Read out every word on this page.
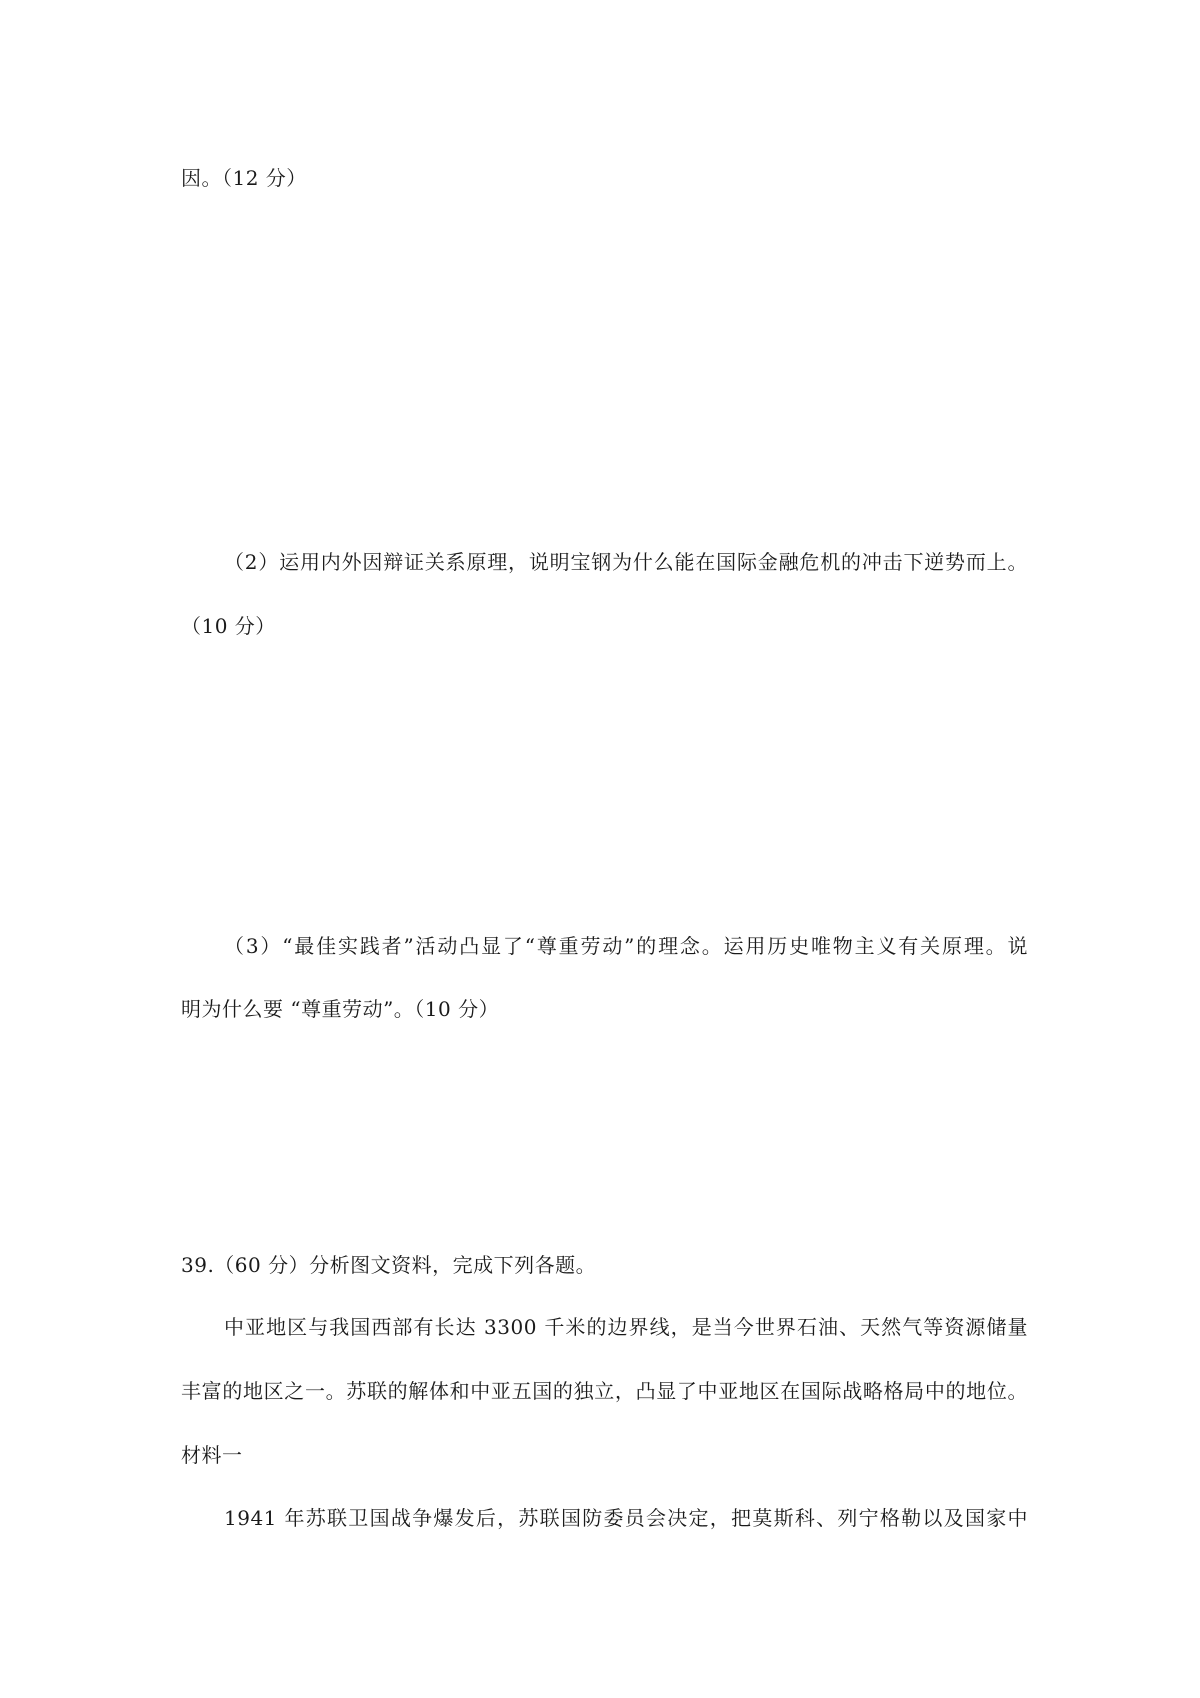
因。（12 分）
（2）运用内外因辩证关系原理，说明宝钢为什么能在国际金融危机的冲击下逆势而上。
（10 分）
（3）“最佳实践者”活动凸显了“尊重劳动”的理念。运用历史唯物主义有关原理。说
明为什么要 “尊重劳动”。（10 分）
39.（60 分）分析图文资料，完成下列各题。
中亚地区与我国西部有长达 3300 千米的边界线，是当今世界石油、天然气等资源储量
丰富的地区之一。苏联的解体和中亚五国的独立，凸显了中亚地区在国际战略格局中的地位。
材料一
1941 年苏联卫国战争爆发后，苏联国防委员会决定，把莫斯科、列宁格勒以及国家中
